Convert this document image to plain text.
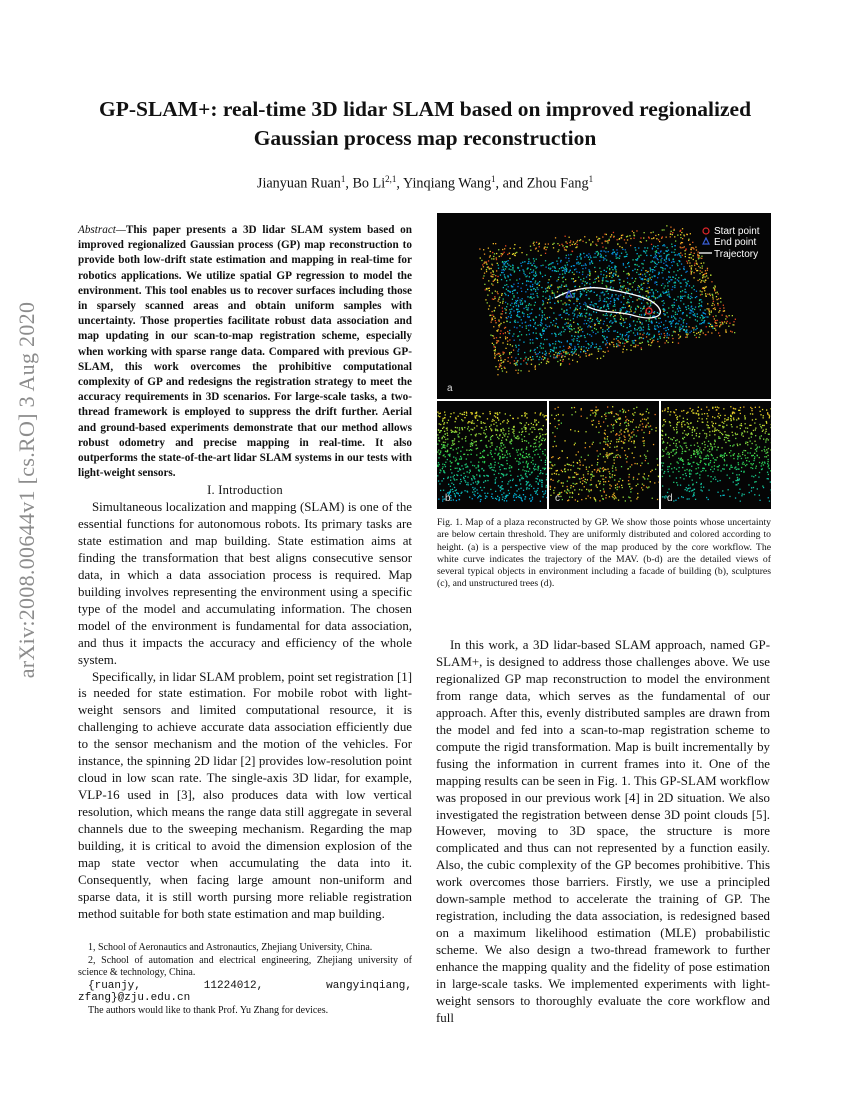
arXiv:2008.00644v1 [cs.RO] 3 Aug 2020
GP-SLAM+: real-time 3D lidar SLAM based on improved regionalized
Gaussian process map reconstruction
Jianyuan Ruan$^1$, Bo Li$^{2,1}$, Yinqiang Wang$^1$, and Zhou Fang$^1$

Abstract—This paper presents a 3D lidar SLAM system based on improved regionalized Gaussian process (GP) map reconstruction to provide both low-drift state estimation and mapping in real-time for robotics applications. We utilize spatial GP regression to model the environment. This tool enables us to recover surfaces including those in sparsely scanned areas and obtain uniform samples with uncertainty. Those properties facilitate robust data association and map updating in our scan-to-map registration scheme, especially when working with sparse range data. Compared with previous GP-SLAM, this work overcomes the prohibitive computational complexity of GP and redesigns the registration strategy to meet the accuracy requirements in 3D scenarios. For large-scale tasks, a two-thread framework is employed to suppress the drift further. Aerial and ground-based experiments demonstrate that our method allows robust odometry and precise mapping in real-time. It also outperforms the state-of-the-art lidar SLAM systems in our tests with light-weight sensors.

I. Introduction

Simultaneous localization and mapping (SLAM) is one of the essential functions for autonomous robots. Its primary tasks are state estimation and map building. State estimation aims at finding the transformation that best aligns consecutive sensor data, in which a data association process is required. Map building involves representing the environment using a specific type of the model and accumulating information. The chosen model of the environment is fundamental for data association, and thus it impacts the accuracy and efficiency of the whole system.

Specifically, in lidar SLAM problem, point set registration [1] is needed for state estimation. For mobile robot with light-weight sensors and limited computational resource, it is challenging to achieve accurate data association efficiently due to the sensor mechanism and the motion of the vehicles. For instance, the spinning 2D lidar [2] provides low-resolution point cloud in low scan rate. The single-axis 3D lidar, for example, VLP-16 used in [3], also produces data with low vertical resolution, which means the range data still aggregate in several channels due to the sweeping mechanism. Regarding the map building, it is critical to avoid the dimension explosion of the map state vector when accumulating the data into it. Consequently, when facing large amount non-uniform and sparse data, it is still worth pursing more reliable registration method suitable for both state estimation and map building.

1, School of Aeronautics and Astronautics, Zhejiang University, China.

2, School of automation and electrical engineering, Zhejiang university of science & technology, China.

{ruanjy, 11224012, wangyinqiang, zfang}@zju.edu.cn

The authors would like to thank Prof. Yu Zhang for devices.

Start point
End point
Trajectory
a
b	c	d
Fig. 1. Map of a plaza reconstructed by GP. We show those points whose uncertainty are below certain threshold. They are uniformly distributed and colored according to height. (a) is a perspective view of the map produced by the core workflow. The white curve indicates the trajectory of the MAV. (b-d) are the detailed views of several typical objects in environment including a facade of building (b), sculptures (c), and unstructured trees (d).

In this work, a 3D lidar-based SLAM approach, named GP-SLAM+, is designed to address those challenges above. We use regionalized GP map reconstruction to model the environment from range data, which serves as the fundamental of our approach. After this, evenly distributed samples are drawn from the model and fed into a scan-to-map registration scheme to compute the rigid transformation. Map is built incrementally by fusing the information in current frames into it. One of the mapping results can be seen in Fig. 1. This GP-SLAM workflow was proposed in our previous work [4] in 2D situation. We also investigated the registration between dense 3D point clouds [5]. However, moving to 3D space, the structure is more complicated and thus can not represented by a function easily. Also, the cubic complexity of the GP becomes prohibitive. This work overcomes those barriers. Firstly, we use a principled down-sample method to accelerate the training of GP. The registration, including the data association, is redesigned based on a maximum likelihood estimation (MLE) probabilistic scheme. We also design a two-thread framework to further enhance the mapping quality and the fidelity of pose estimation in large-scale tasks. We implemented experiments with light-weight sensors to thoroughly evaluate the core workflow and full
